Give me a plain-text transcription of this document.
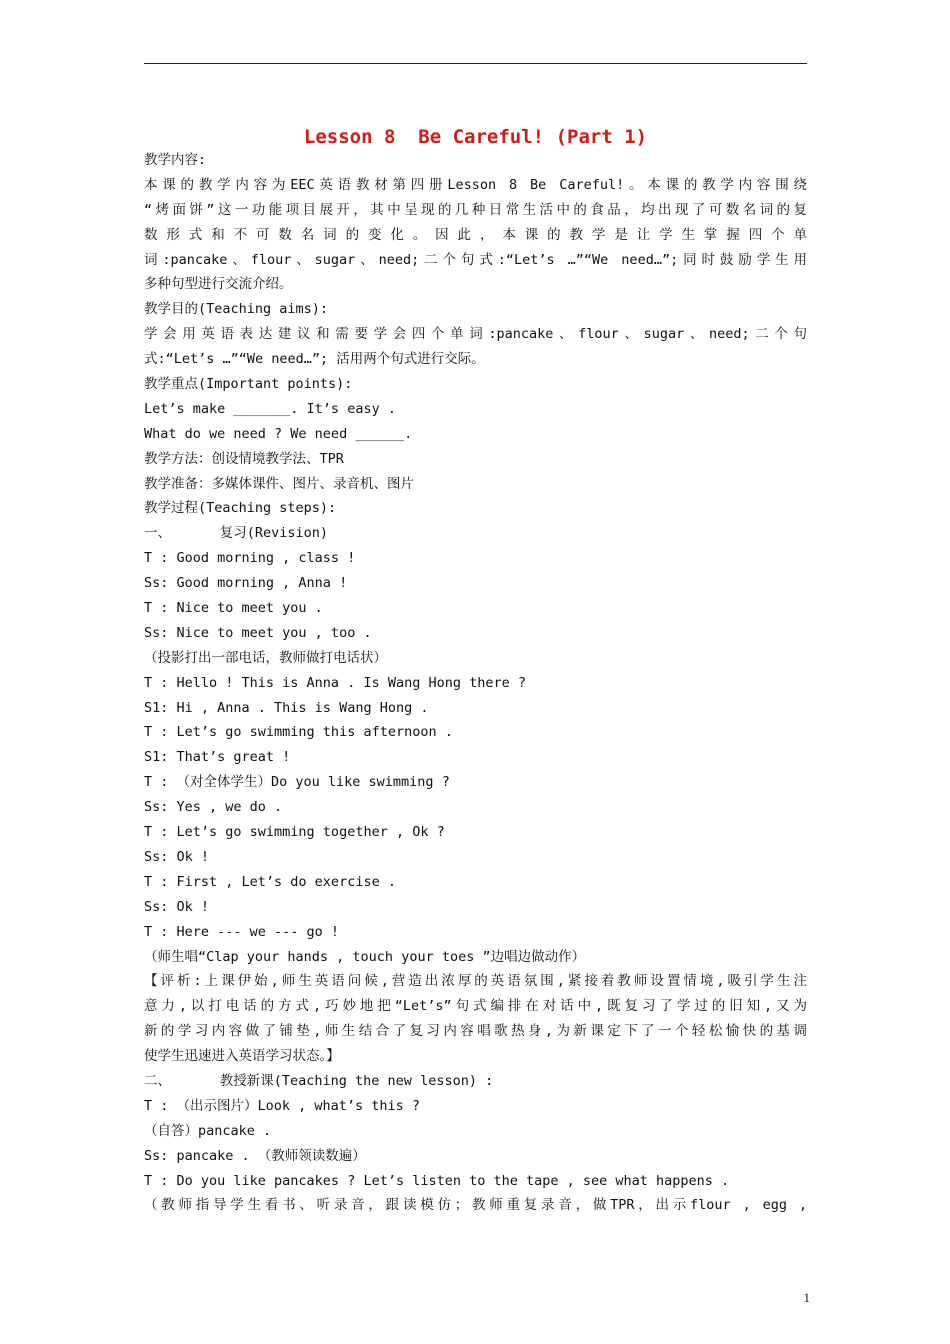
Lesson 8  Be Careful! (Part 1)
教学内容:
本课的教学内容为EEC英语教材第四册Lesson 8 Be Careful!。本课的教学内容围绕
“烤面饼”这一功能项目展开，其中呈现的几种日常生活中的食品，均出现了可数名词的复
数形式和不可数名词的变化。因此，本课的教学是让学生掌握四个单
词:pancake、flour、sugar、need;二个句式:“Let’s …”“We need…”;同时鼓励学生用
多种句型进行交流介绍。
教学目的(Teaching aims):
学会用英语表达建议和需要学会四个单词:pancake、flour、sugar、need;二个句
式:“Let’s …”“We need…”; 活用两个句式进行交际。
教学重点(Important points):
Let’s make _______. It’s easy .
What do we need ? We need ______.
教学方法：创设情境教学法、TPR
教学准备：多媒体课件、图片、录音机、图片
教学过程(Teaching steps):
一、      复习(Revision)
T : Good morning , class !
Ss: Good morning , Anna !
T : Nice to meet you .
Ss: Nice to meet you , too .
（投影打出一部电话，教师做打电话状）
T : Hello ! This is Anna . Is Wang Hong there ?
S1: Hi , Anna . This is Wang Hong .
T : Let’s go swimming this afternoon .
S1: That’s great !
T : （对全体学生）Do you like swimming ?
Ss: Yes , we do .
T : Let’s go swimming together , Ok ?
Ss: Ok !
T : First , Let’s do exercise .
Ss: Ok !
T : Here --- we --- go !
（师生唱“Clap your hands , touch your toes ”边唱边做动作）
【评析:上课伊始,师生英语问候,营造出浓厚的英语氛围,紧接着教师设置情境,吸引学生注
意力,以打电话的方式,巧妙地把“Let’s”句式编排在对话中,既复习了学过的旧知,又为
新的学习内容做了铺垫,师生结合了复习内容唱歌热身,为新课定下了一个轻松愉快的基调
使学生迅速进入英语学习状态。】
二、      教授新课(Teaching the new lesson) :
T : （出示图片）Look , what’s this ?
（自答）pancake .
Ss: pancake . （教师领读数遍）
T : Do you like pancakes ? Let’s listen to the tape , see what happens .
（教师指导学生看书、听录音，跟读模仿；教师重复录音，做TPR，出示flour , egg ,
1
